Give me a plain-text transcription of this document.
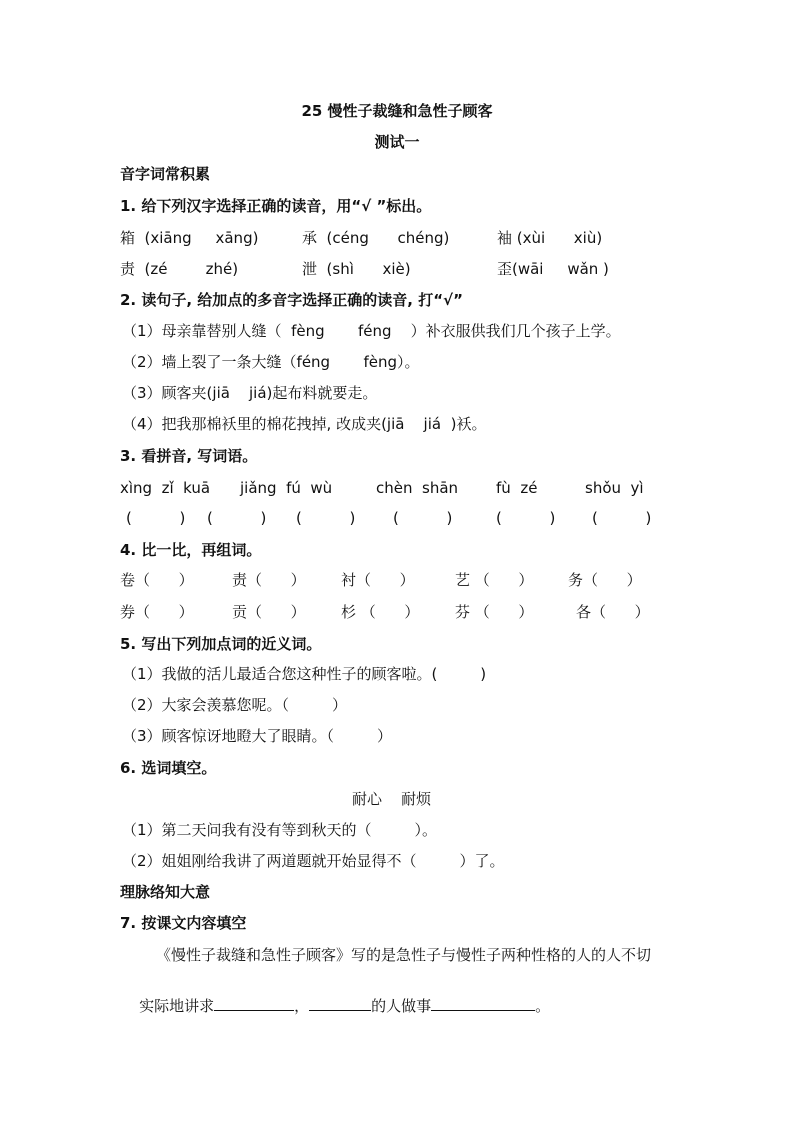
25 慢性子裁缝和急性子顾客
测试一
音字词常积累
1. 给下列汉字选择正确的读音，用“√ ”标出。
箱  (xiāng     xāng)	承  (céng      chéng)	袖 (xùi      xiù)
责  (zé        zhé)	泄  (shì      xiè)	歪(wāi     wǎn )
2. 读句子, 给加点的多音字选择正确的读音, 打“√”
（1）母亲靠替别人缝（  fèng       féng    ）补衣服供我们几个孩子上学。
（2）墙上裂了一条大缝（féng       fèng）。
（3）顾客夹(jiā    jiá)起布料就要走。
（4）把我那棉袄里的棉花拽掉, 改成夹(jiā    jiá  )袄。
3. 看拼音, 写词语。
xìng  zǐ  kuā jiǎng  fú  wù	chèn  shān	fù  zé	shǒu  yì
(          ) (          ) (          )	(          )	(          ) (          )
4. 比一比，再组词。
卷（      ）	责（      ） 衬（      ）	艺 （      ） 务（      ）
券（      ）	贡（      ） 杉 （      ） 芬 （      ）	各（      ）
5. 写出下列加点词的近义词。
（1）我做的活儿最适合您这种性子的顾客啦。(         )
（2）大家会羡慕您呢。（         ）
（3）顾客惊讶地瞪大了眼睛。（         ）
6. 选词填空。
耐心    耐烦
（1）第二天问我有没有等到秋天的（         ）。
（2）姐姐刚给我讲了两道题就开始显得不（         ）了。
理脉络知大意
7. 按课文内容填空
《慢性子裁缝和急性子顾客》写的是急性子与慢性子两种性格的人的人不切

实际地讲求	，	的人做事	。
